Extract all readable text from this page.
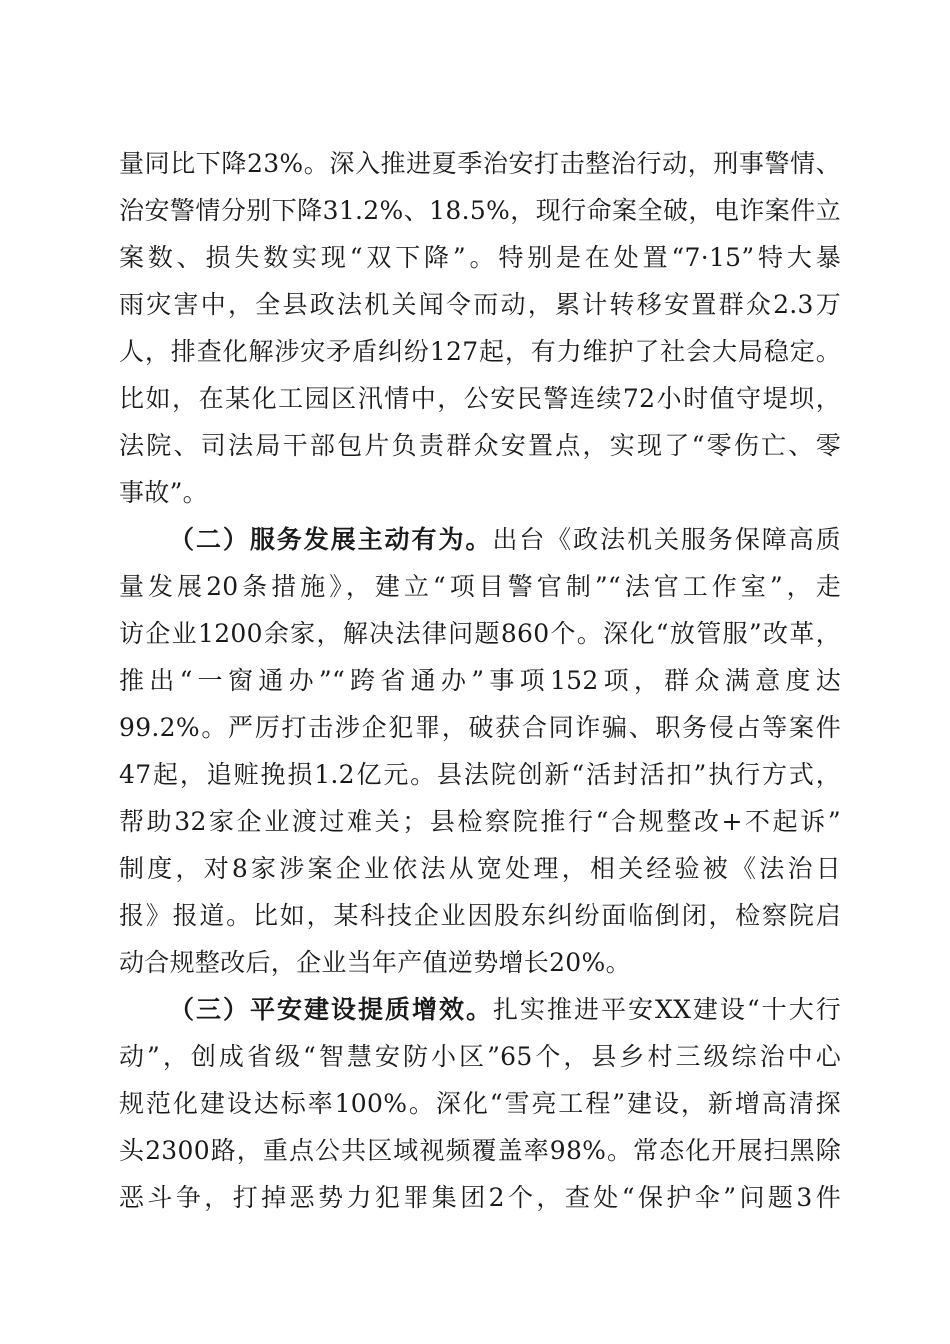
量同比下降23%。深入推进夏季治安打击整治行动，刑事警情、
治安警情分别下降31.2%、18.5%，现行命案全破，电诈案件立
案数、损失数实现“双下降”。特别是在处置“7·15”特大暴
雨灾害中，全县政法机关闻令而动，累计转移安置群众2.3万
人，排查化解涉灾矛盾纠纷127起，有力维护了社会大局稳定。
比如，在某化工园区汛情中，公安民警连续72小时值守堤坝，
法院、司法局干部包片负责群众安置点，实现了“零伤亡、零
事故”。
（二）服务发展主动有为。出台《政法机关服务保障高质
量发展20条措施》，建立“项目警官制”“法官工作室”，走
访企业1200余家，解决法律问题860个。深化“放管服”改革，
推出“一窗通办”“跨省通办”事项152项，群众满意度达
99.2%。严厉打击涉企犯罪，破获合同诈骗、职务侵占等案件
47起，追赃挽损1.2亿元。县法院创新“活封活扣”执行方式，
帮助32家企业渡过难关；县检察院推行“合规整改+不起诉”
制度，对8家涉案企业依法从宽处理，相关经验被《法治日
报》报道。比如，某科技企业因股东纠纷面临倒闭，检察院启
动合规整改后，企业当年产值逆势增长20%。
（三）平安建设提质增效。扎实推进平安XX建设“十大行
动”，创成省级“智慧安防小区”65个，县乡村三级综治中心
规范化建设达标率100%。深化“雪亮工程”建设，新增高清探
头2300路，重点公共区域视频覆盖率98%。常态化开展扫黑除
恶斗争，打掉恶势力犯罪集团2个，查处“保护伞”问题3件
